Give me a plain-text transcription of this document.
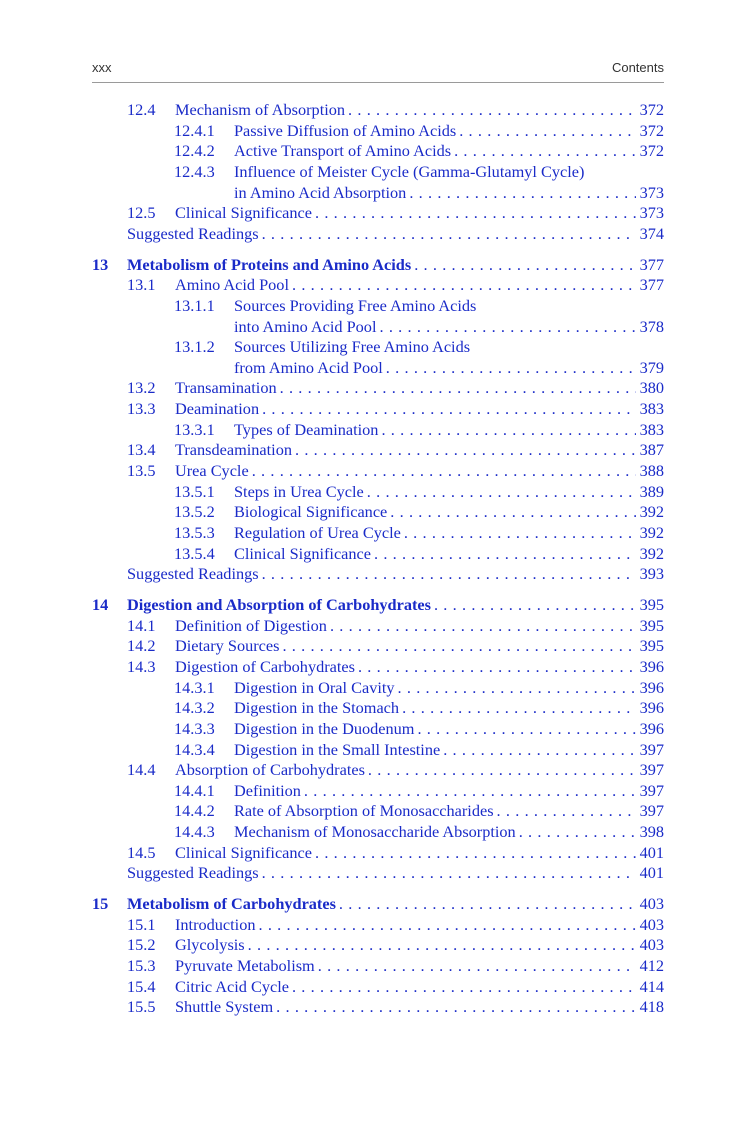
xxx	Contents
12.4	Mechanism of Absorption . . .	372
12.4.1	Passive Diffusion of Amino Acids . . .	372
12.4.2	Active Transport of Amino Acids . . .	372
12.4.3	Influence of Meister Cycle (Gamma-Glutamyl Cycle)
in Amino Acid Absorption . . .	373
12.5	Clinical Significance . . .	373
Suggested Readings . . .	374
13	Metabolism of Proteins and Amino Acids . . .	377
13.1	Amino Acid Pool . . .	377
13.1.1	Sources Providing Free Amino Acids
into Amino Acid Pool . . .	378
13.1.2	Sources Utilizing Free Amino Acids
from Amino Acid Pool . . .	379
13.2	Transamination . . .	380
13.3	Deamination . . .	383
13.3.1	Types of Deamination . . .	383
13.4	Transdeamination . . .	387
13.5	Urea Cycle . . .	388
13.5.1	Steps in Urea Cycle . . .	389
13.5.2	Biological Significance . . .	392
13.5.3	Regulation of Urea Cycle . . .	392
13.5.4	Clinical Significance . . .	392
Suggested Readings . . .	393
14	Digestion and Absorption of Carbohydrates . . .	395
14.1	Definition of Digestion . . .	395
14.2	Dietary Sources . . .	395
14.3	Digestion of Carbohydrates . . .	396
14.3.1	Digestion in Oral Cavity . . .	396
14.3.2	Digestion in the Stomach . . .	396
14.3.3	Digestion in the Duodenum . . .	396
14.3.4	Digestion in the Small Intestine . . .	397
14.4	Absorption of Carbohydrates . . .	397
14.4.1	Definition . . .	397
14.4.2	Rate of Absorption of Monosaccharides . . .	397
14.4.3	Mechanism of Monosaccharide Absorption . . .	398
14.5	Clinical Significance . . .	401
Suggested Readings . . .	401
15	Metabolism of Carbohydrates . . .	403
15.1	Introduction . . .	403
15.2	Glycolysis . . .	403
15.3	Pyruvate Metabolism . . .	412
15.4	Citric Acid Cycle . . .	414
15.5	Shuttle System . . .	418
